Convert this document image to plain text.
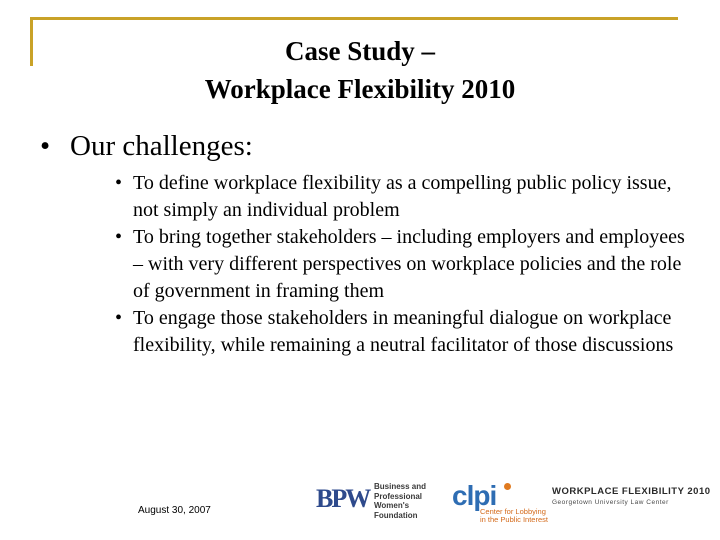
Case Study –
Workplace Flexibility 2010
• Our challenges:
• To define workplace flexibility as a compelling public policy issue, not simply an individual problem
• To bring together stakeholders – including employers and employees – with very different perspectives on workplace policies and the role of government in framing them
• To engage those stakeholders in meaningful dialogue on workplace flexibility, while remaining a neutral facilitator of those discussions
August 30, 2007	BPW Business and
Professional
Women's
Foundation
clpi
Center for Lobbying
in the Public Interest
WORKPLACE FLEXIBILITY 2010
Georgetown University Law Center
